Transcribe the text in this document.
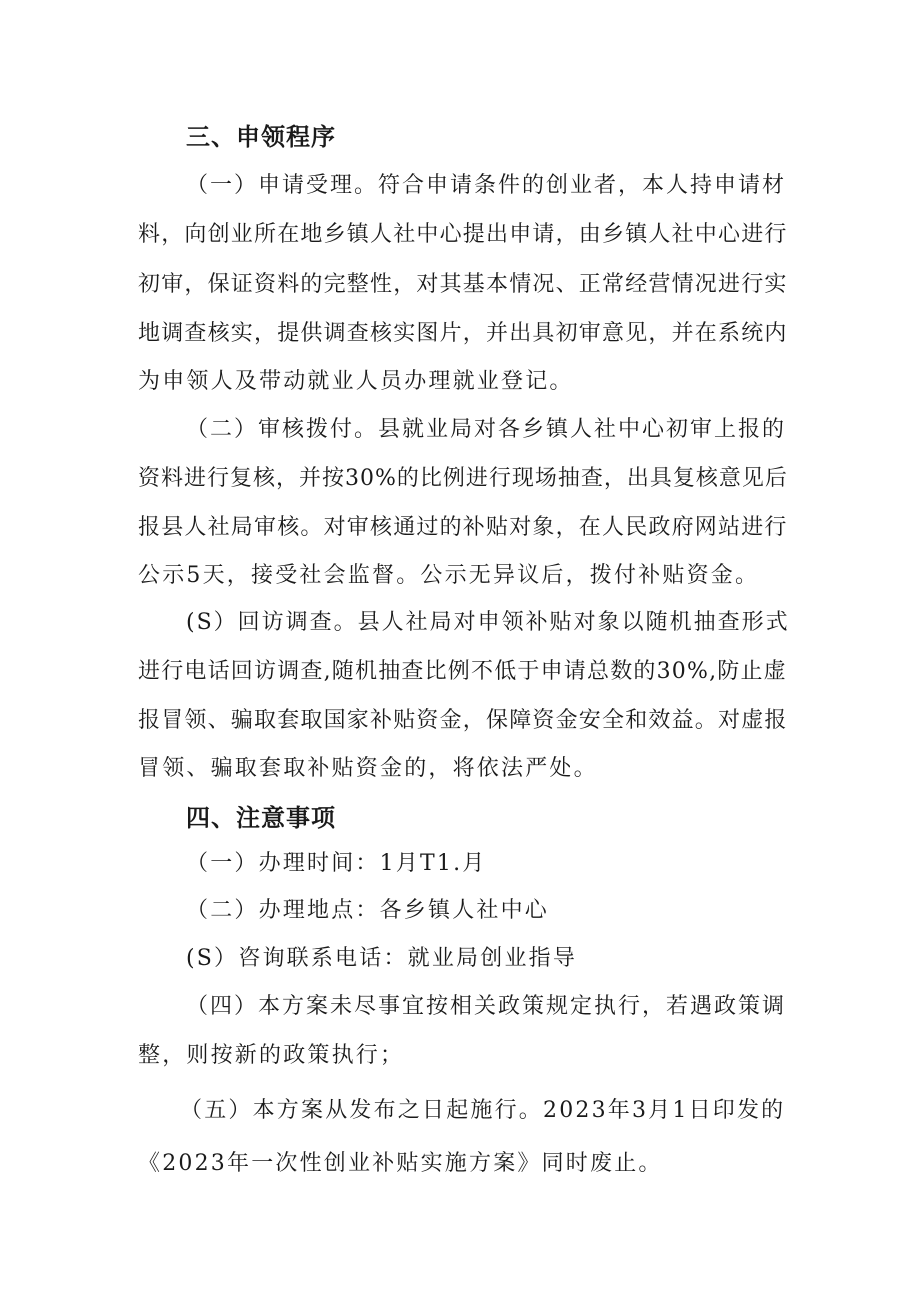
三、申领程序
（一）申请受理。符合申请条件的创业者，本人持申请材
料，向创业所在地乡镇人社中心提出申请，由乡镇人社中心进行
初审，保证资料的完整性，对其基本情况、正常经营情况进行实
地调查核实，提供调查核实图片，并出具初审意见，并在系统内
为申领人及带动就业人员办理就业登记。
（二）审核拨付。县就业局对各乡镇人社中心初审上报的
资料进行复核，并按30%的比例进行现场抽查，出具复核意见后
报县人社局审核。对审核通过的补贴对象，在人民政府网站进行
公示5天，接受社会监督。公示无异议后，拨付补贴资金。
(S）回访调查。县人社局对申领补贴对象以随机抽查形式
进行电话回访调查,随机抽查比例不低于申请总数的30%,防止虚
报冒领、骗取套取国家补贴资金，保障资金安全和效益。对虚报
冒领、骗取套取补贴资金的，将依法严处。
四、注意事项
（一）办理时间：1月T1.月
（二）办理地点：各乡镇人社中心
(S）咨询联系电话：就业局创业指导
（四）本方案未尽事宜按相关政策规定执行，若遇政策调
整，则按新的政策执行；
（五）本方案从发布之日起施行。2023年3月1日印发的
《2023年一次性创业补贴实施方案》同时废止。
